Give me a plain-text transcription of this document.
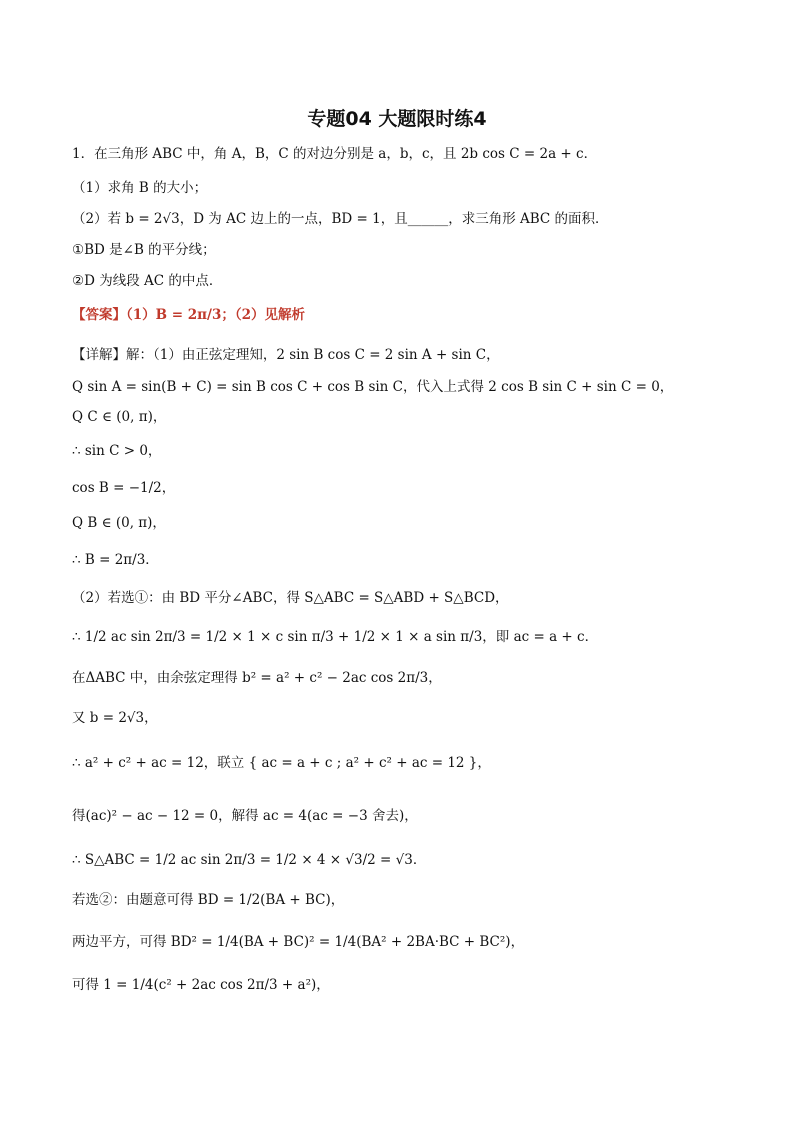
专题04 大题限时练4
1．在三角形 ABC 中，角 A，B，C 的对边分别是 a，b，c，且 2b cos C = 2a + c．
（1）求角 B 的大小；
（2）若 b = 2√3，D 为 AC 边上的一点，BD = 1，且______，求三角形 ABC 的面积．
①BD 是∠B 的平分线；
②D 为线段 AC 的中点．
【答案】（1）B = 2π/3；（2）见解析
【详解】解：（1）由正弦定理知，2 sin B cos C = 2 sin A + sin C，
Q sin A = sin(B + C) = sin B cos C + cos B sin C，代入上式得 2 cos B sin C + sin C = 0，
Q C ∈ (0, π)，
∴ sin C > 0，
cos B = −1/2，
Q B ∈ (0, π)，
∴ B = 2π/3．
（2）若选①：由 BD 平分∠ABC，得 S△ABC = S△ABD + S△BCD，
∴ 1/2 ac sin 2π/3 = 1/2 × 1 × c sin π/3 + 1/2 × 1 × a sin π/3，即 ac = a + c．
在ΔABC 中，由余弦定理得 b² = a² + c² − 2ac cos 2π/3，
又 b = 2√3，
∴ a² + c² + ac = 12，联立 { ac = a + c ; a² + c² + ac = 12 }，
得(ac)² − ac − 12 = 0，解得 ac = 4(ac = −3 舍去)，
∴ S△ABC = 1/2 ac sin 2π/3 = 1/2 × 4 × √3/2 = √3．
若选②：由题意可得 BD = 1/2(BA + BC)，
两边平方，可得 BD² = 1/4(BA + BC)² = 1/4(BA² + 2BA·BC + BC²)，
可得 1 = 1/4(c² + 2ac cos 2π/3 + a²)，
